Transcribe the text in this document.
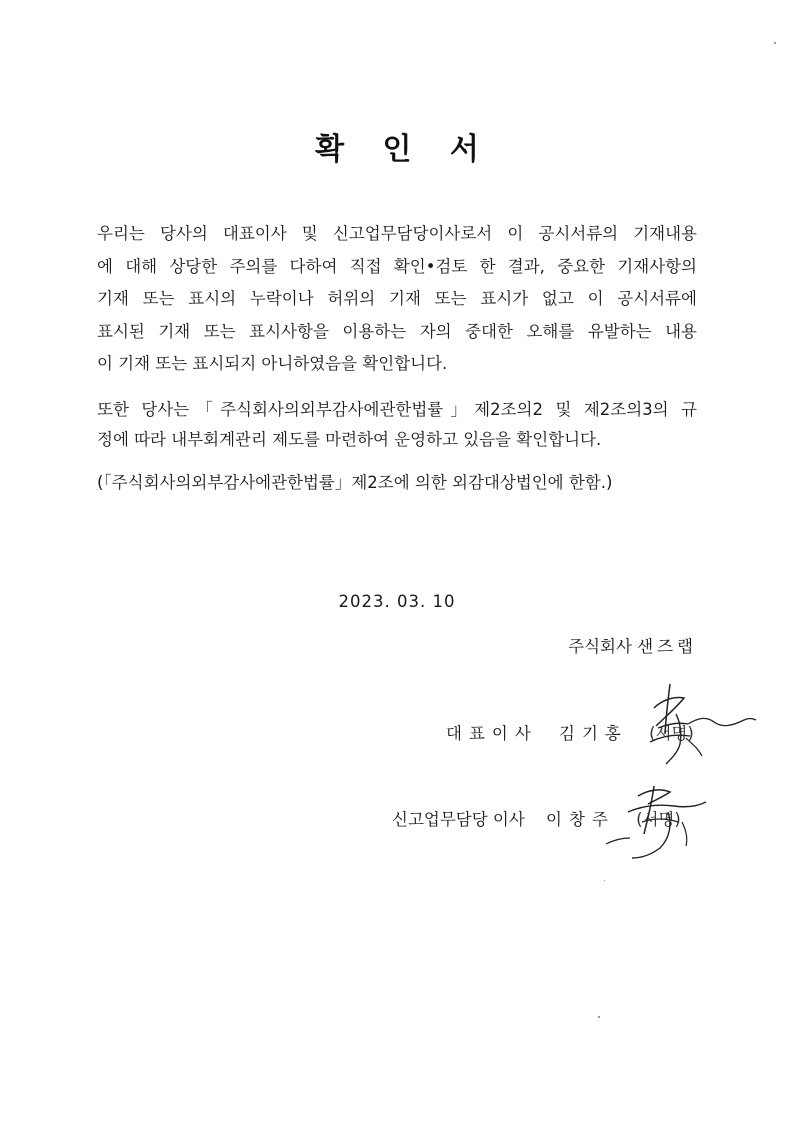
확 인 서
우리는 당사의 대표이사 및 신고업무담당이사로서 이 공시서류의 기재내용
에 대해 상당한 주의를 다하여 직접 확인•검토 한 결과, 중요한 기재사항의
기재 또는 표시의 누락이나 허위의 기재 또는 표시가 없고 이 공시서류에
표시된 기재 또는 표시사항을 이용하는 자의 중대한 오해를 유발하는 내용
이 기재 또는 표시되지 아니하였음을 확인합니다.
또한 당사는「주식회사의외부감사에관한법률」제2조의2 및 제2조의3의 규
정에 따라 내부회계관리 제도를 마련하여 운영하고 있음을 확인합니다.
(「주식회사의외부감사에관한법률」제2조에 의한 외감대상법인에 한함.)
2023. 03. 10
주식회사 샌즈랩
대표이사 김기홍 (서명)
신고업무담당 이사 이창주 (서명)
